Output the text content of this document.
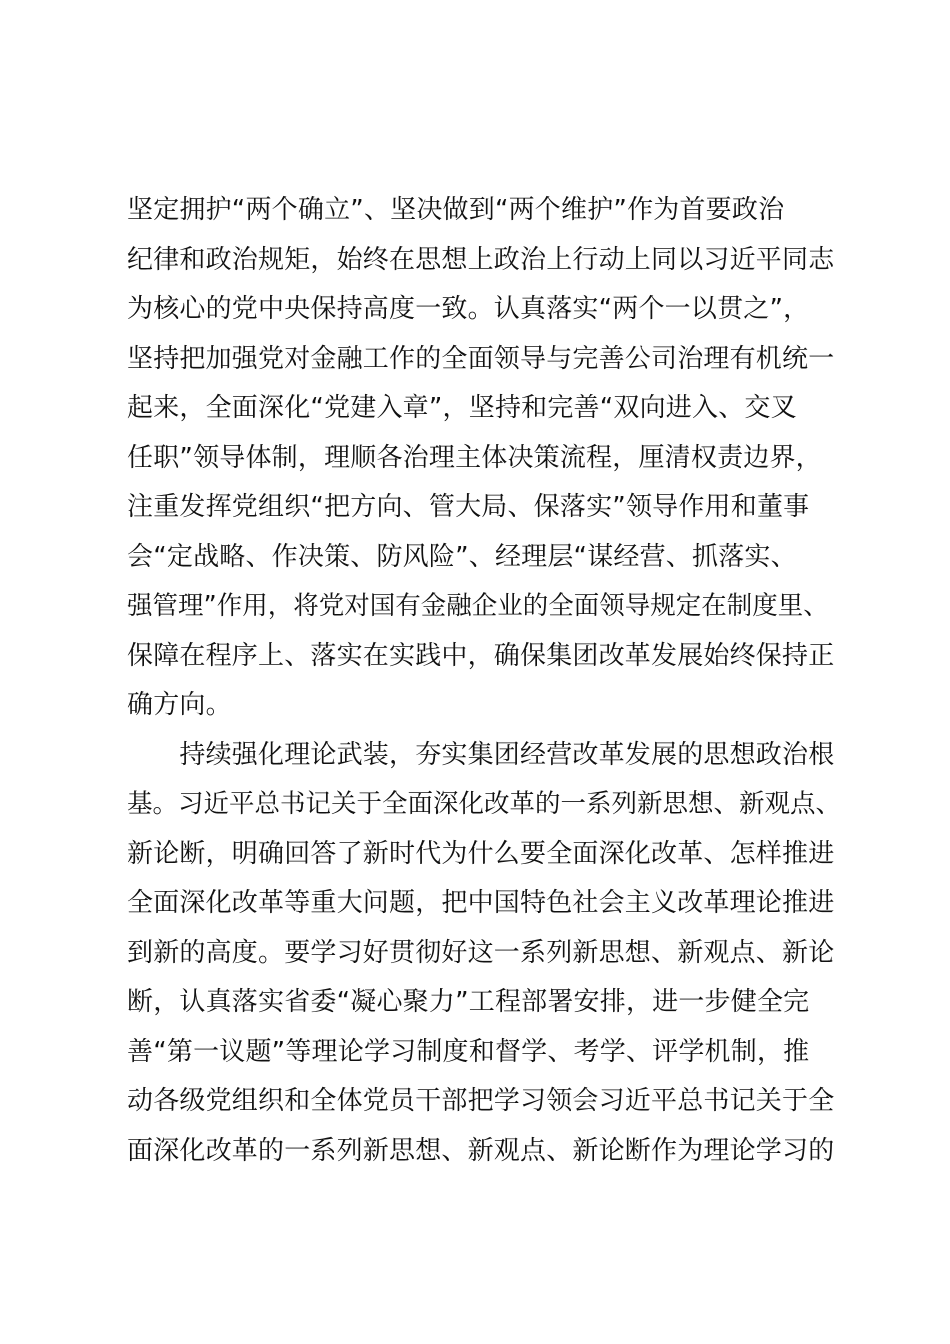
坚定拥护“两个确立”、坚决做到“两个维护”作为首要政治
纪律和政治规矩，始终在思想上政治上行动上同以习近平同志
为核心的党中央保持高度一致。认真落实“两个一以贯之”，
坚持把加强党对金融工作的全面领导与完善公司治理有机统一
起来，全面深化“党建入章”，坚持和完善“双向进入、交叉
任职”领导体制，理顺各治理主体决策流程，厘清权责边界，
注重发挥党组织“把方向、管大局、保落实”领导作用和董事
会“定战略、作决策、防风险”、经理层“谋经营、抓落实、
强管理”作用，将党对国有金融企业的全面领导规定在制度里、
保障在程序上、落实在实践中，确保集团改革发展始终保持正
确方向。
　　持续强化理论武装，夯实集团经营改革发展的思想政治根
基。习近平总书记关于全面深化改革的一系列新思想、新观点、
新论断，明确回答了新时代为什么要全面深化改革、怎样推进
全面深化改革等重大问题，把中国特色社会主义改革理论推进
到新的高度。要学习好贯彻好这一系列新思想、新观点、新论
断，认真落实省委“凝心聚力”工程部署安排，进一步健全完
善“第一议题”等理论学习制度和督学、考学、评学机制，推
动各级党组织和全体党员干部把学习领会习近平总书记关于全
面深化改革的一系列新思想、新观点、新论断作为理论学习的
